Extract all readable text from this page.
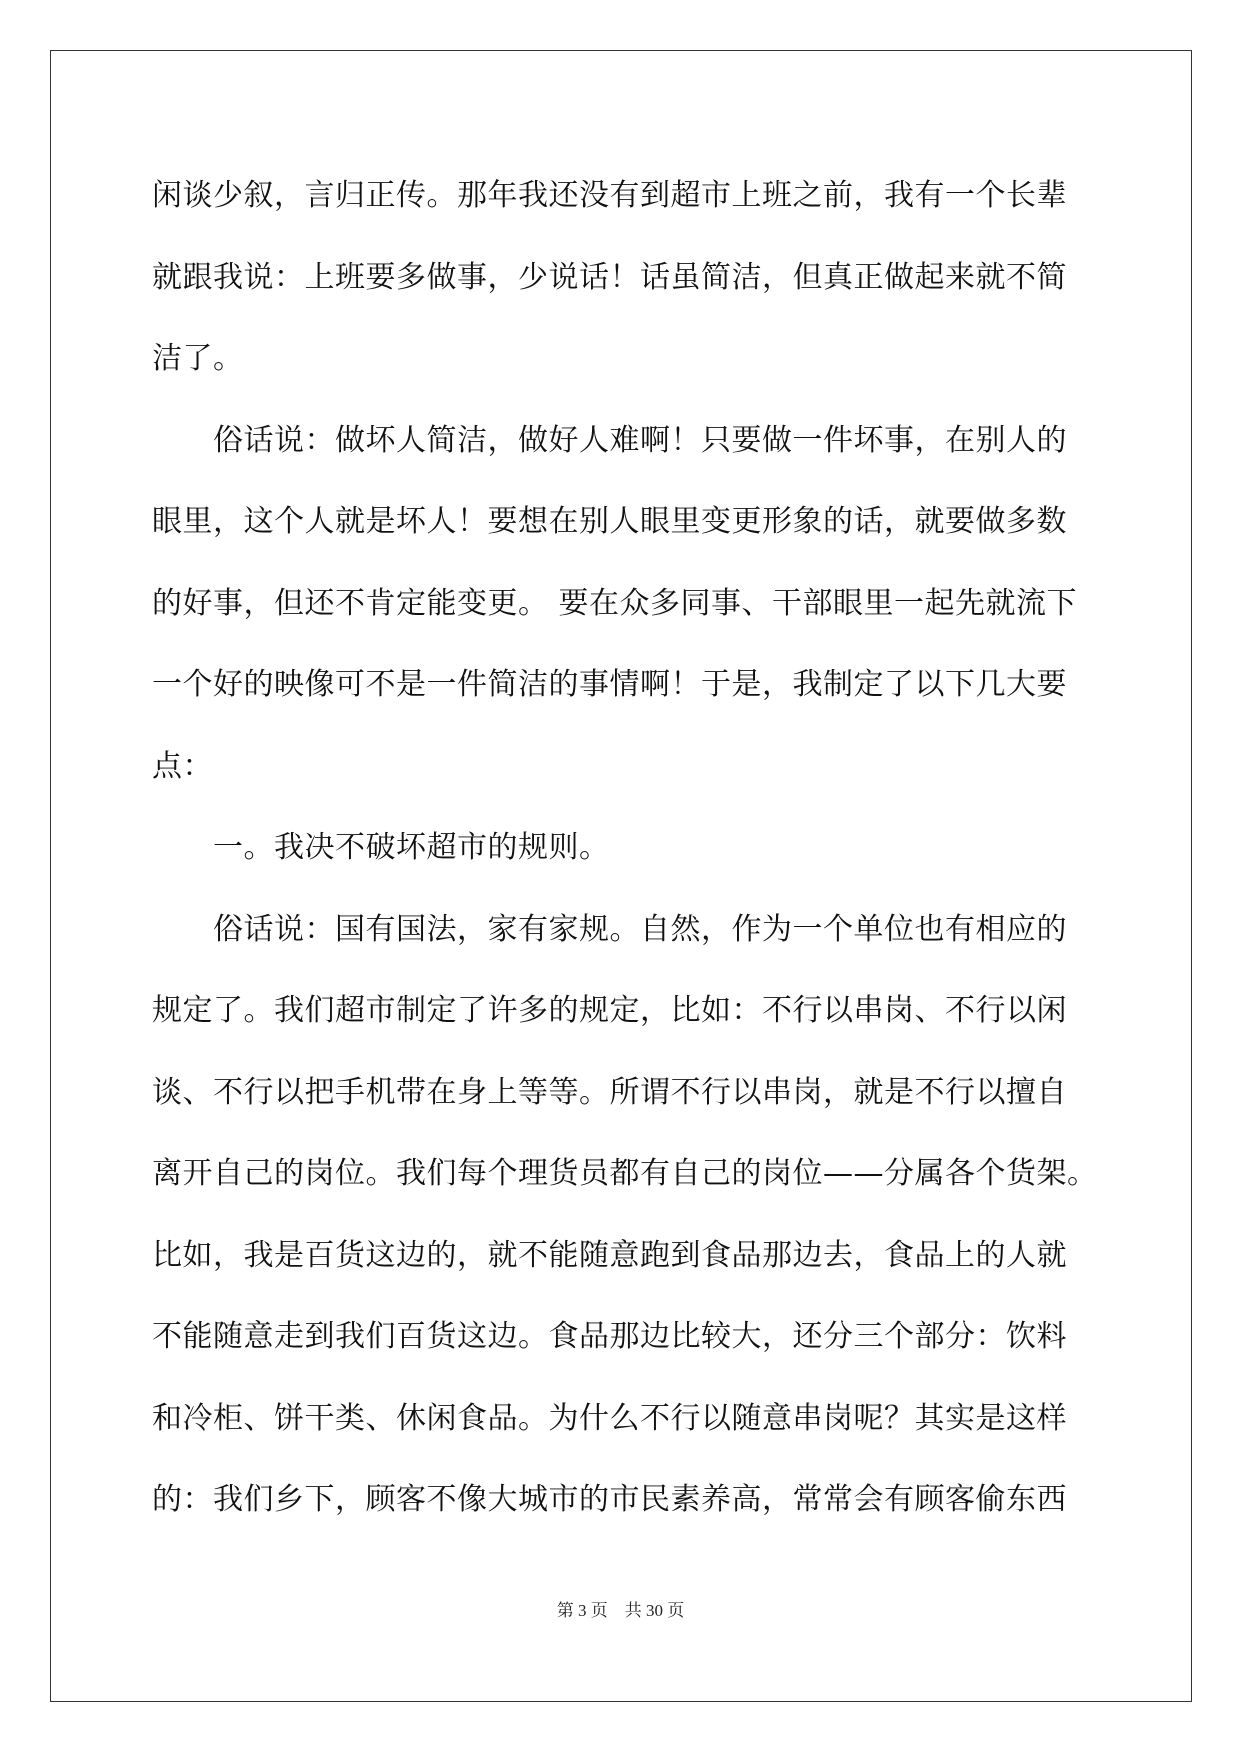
闲谈少叙，言归正传。那年我还没有到超市上班之前，我有一个长辈
就跟我说：上班要多做事，少说话！话虽简洁，但真正做起来就不简
洁了。
　　俗话说：做坏人简洁，做好人难啊！只要做一件坏事，在别人的
眼里，这个人就是坏人！要想在别人眼里变更形象的话，就要做多数
的好事，但还不肯定能变更。 要在众多同事、干部眼里一起先就流下
一个好的映像可不是一件简洁的事情啊！于是，我制定了以下几大要
点：
　　一。我决不破坏超市的规则。
　　俗话说：国有国法，家有家规。自然，作为一个单位也有相应的
规定了。我们超市制定了许多的规定，比如：不行以串岗、不行以闲
谈、不行以把手机带在身上等等。所谓不行以串岗，就是不行以擅自
离开自己的岗位。我们每个理货员都有自己的岗位——分属各个货架。
比如，我是百货这边的，就不能随意跑到食品那边去，食品上的人就
不能随意走到我们百货这边。食品那边比较大，还分三个部分：饮料
和冷柜、饼干类、休闲食品。为什么不行以随意串岗呢？其实是这样
的：我们乡下，顾客不像大城市的市民素养高，常常会有顾客偷东西
第 3 页　共 30 页
